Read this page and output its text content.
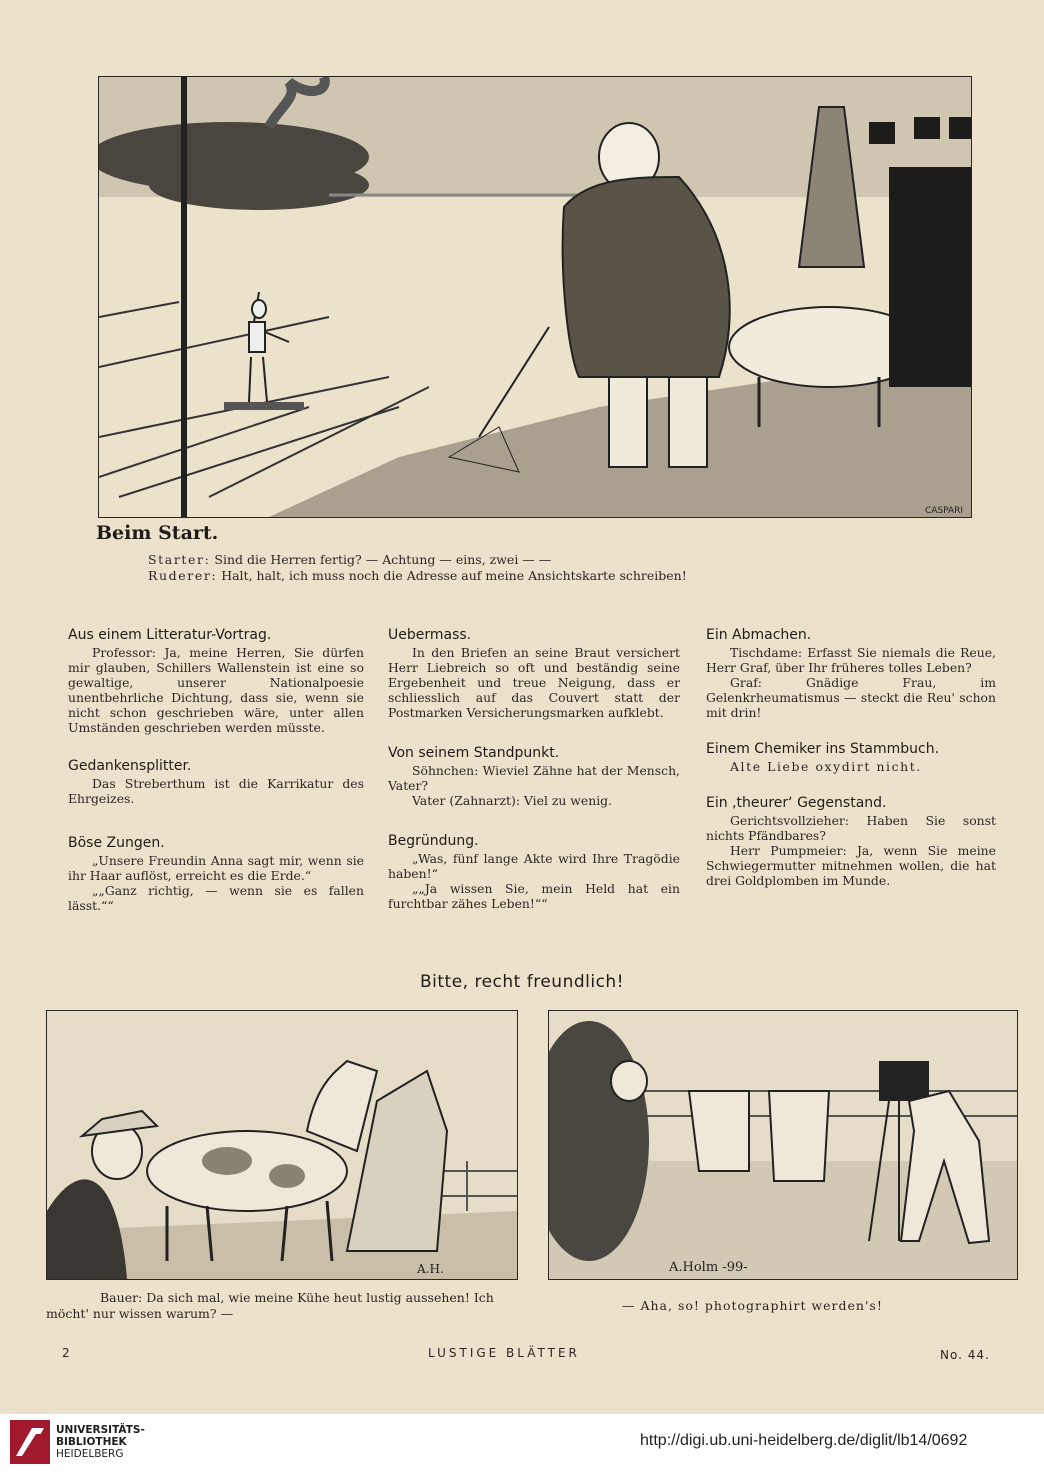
CASPARI
Beim Start.
Starter: Sind die Herren fertig? — Achtung — eins, zwei — —
Ruderer: Halt, halt, ich muss noch die Adresse auf meine Ansichtskarte schreiben!
Aus einem Litteratur-Vortrag.

Professor: Ja, meine Herren, Sie dürfen mir glauben, Schillers Wallenstein ist eine so gewaltige, unserer Nationalpoesie unentbehrliche Dichtung, dass sie, wenn sie nicht schon geschrieben wäre, unter allen Umständen geschrieben werden müsste.

Gedankensplitter.

Das Streberthum ist die Karrikatur des Ehrgeizes.

Böse Zungen.

„Unsere Freundin Anna sagt mir, wenn sie ihr Haar auflöst, erreicht es die Erde.“

„„Ganz richtig, — wenn sie es fallen lässt.““

Uebermass.

In den Briefen an seine Braut versichert Herr Liebreich so oft und beständig seine Ergebenheit und treue Neigung, dass er schliesslich auf das Couvert statt der Postmarken Versicherungsmarken aufklebt.

Von seinem Standpunkt.

Söhnchen: Wieviel Zähne hat der Mensch, Vater?

Vater (Zahnarzt): Viel zu wenig.

Begründung.

„Was, fünf lange Akte wird Ihre Tragödie haben!“

„„Ja wissen Sie, mein Held hat ein furchtbar zähes Leben!““

Ein Abmachen.

Tischdame: Erfasst Sie niemals die Reue, Herr Graf, über Ihr früheres tolles Leben?

Graf: Gnädige Frau, im Gelenkrheumatismus — steckt die Reu' schon mit drin!

Einem Chemiker ins Stammbuch.

Alte Liebe oxydirt nicht.

Ein ‚theurer‘ Gegenstand.

Gerichtsvollzieher: Haben Sie sonst nichts Pfändbares?

Herr Pumpmeier: Ja, wenn Sie meine Schwiegermutter mitnehmen wollen, die hat drei Goldplomben im Munde.

Bitte, recht freundlich!
A.H.	A.Holm -99-
Bauer: Da sich mal, wie meine Kühe heut lustig aussehen! Ich möcht' nur wissen warum? —
— Aha, so! photographirt werden's!
2	LUSTIGE BLÄTTER	No. 44.
UNIVERSITÄTS-
BIBLIOTHEK
HEIDELBERG
http://digi.ub.uni-heidelberg.de/diglit/lb14/0692
